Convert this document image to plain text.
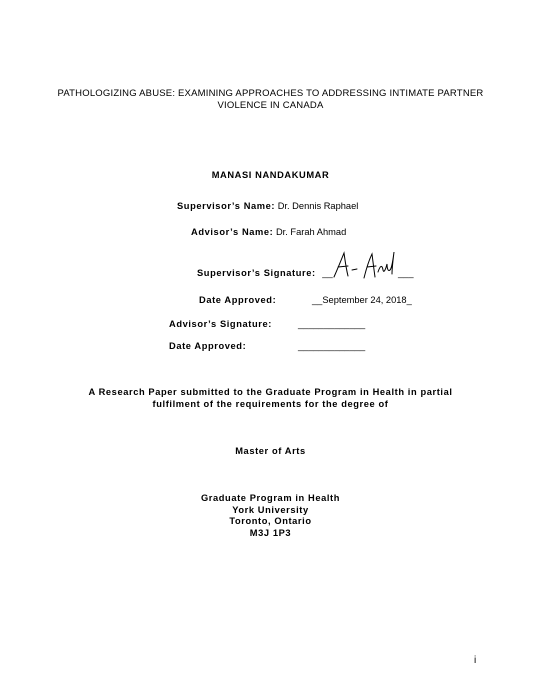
PATHOLOGIZING ABUSE: EXAMINING APPROACHES TO ADDRESSING INTIMATE PARTNER
VIOLENCE IN CANADA
MANASI NANDAKUMAR
Supervisor’s Name: Dr. Dennis Raphael
Advisor’s Name: Dr. Farah Ahmad
Supervisor’s Signature: __	___
Date Approved:	__September 24, 2018_
Advisor’s Signature:	_____________
Date Approved:	_____________
A Research Paper submitted to the Graduate Program in Health in partial
fulfilment of the requirements for the degree of
Master of Arts
Graduate Program in Health
York University
Toronto, Ontario
M3J 1P3
i
